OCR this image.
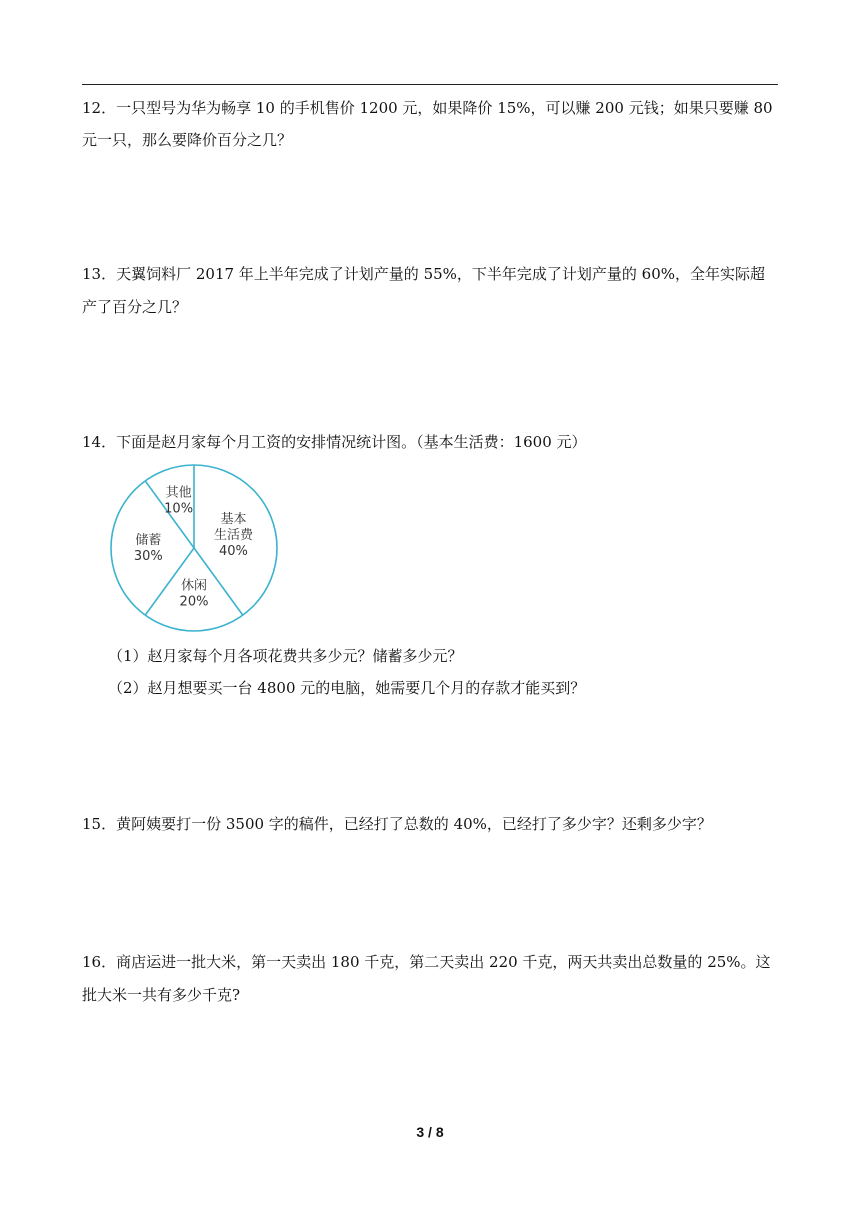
12．一只型号为华为畅享 10 的手机售价 1200 元，如果降价 15%，可以赚 200 元钱；如果只要赚 80

元一只，那么要降价百分之几？

13．天翼饲料厂 2017 年上半年完成了计划产量的 55%，下半年完成了计划产量的 60%，全年实际超

产了百分之几？

14．下面是赵月家每个月工资的安排情况统计图。（基本生活费：1600 元）

基本
生活费
40%
休闲
20%
储蓄
30%
其他
10%

（1）赵月家每个月各项花费共多少元？储蓄多少元？

（2）赵月想要买一台 4800 元的电脑，她需要几个月的存款才能买到？

15．黄阿姨要打一份 3500 字的稿件，已经打了总数的 40%，已经打了多少字？还剩多少字？

16．商店运进一批大米，第一天卖出 180 千克，第二天卖出 220 千克，两天共卖出总数量的 25%。这

批大米一共有多少千克?

3 / 8
